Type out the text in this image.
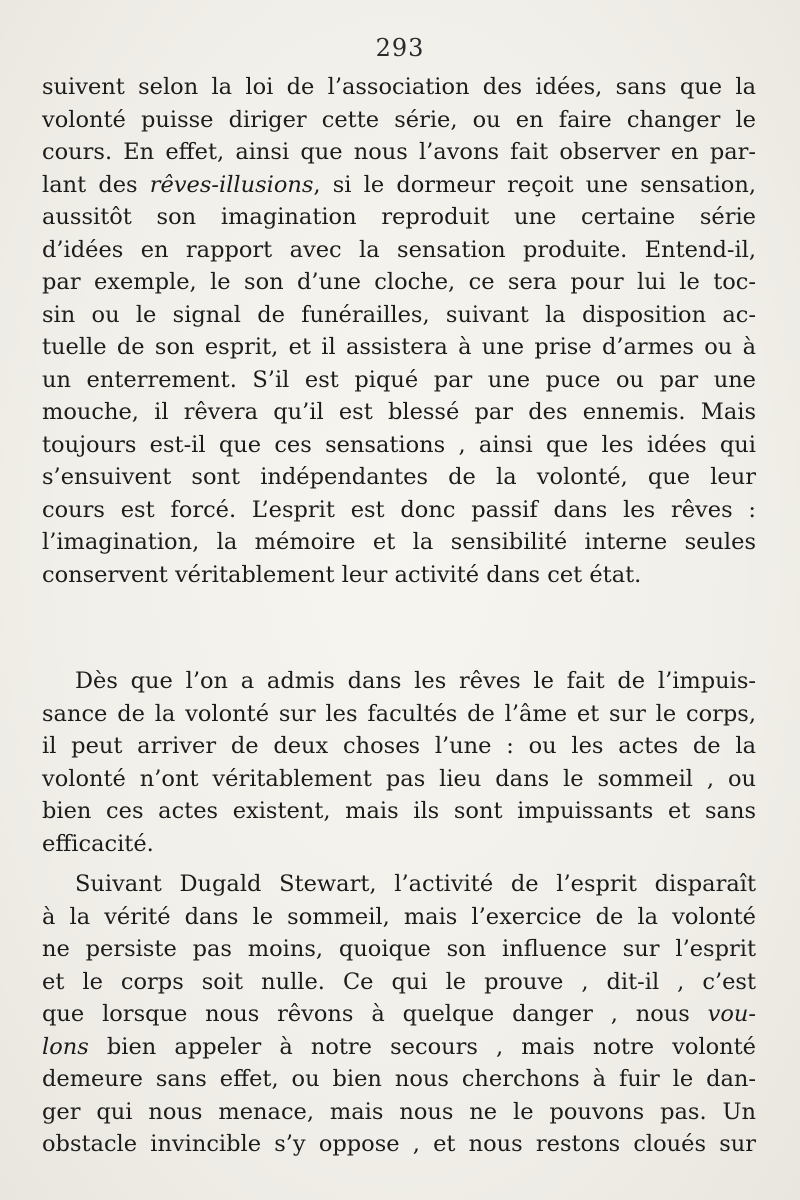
293

suivent selon la loi de l’association des idées, sans que la
volonté puisse diriger cette série, ou en faire changer le
cours. En effet, ainsi que nous l’avons fait observer en par-
lant des rêves-illusions, si le dormeur reçoit une sensation,
aussitôt son imagination reproduit une certaine série
d’idées en rapport avec la sensation produite. Entend-il,
par exemple, le son d’une cloche, ce sera pour lui le toc-
sin ou le signal de funérailles, suivant la disposition ac-
tuelle de son esprit, et il assistera à une prise d’armes ou à
un enterrement. S’il est piqué par une puce ou par une
mouche, il rêvera qu’il est blessé par des ennemis. Mais
toujours est-il que ces sensations , ainsi que les idées qui
s’ensuivent sont indépendantes de la volonté, que leur
cours est forcé. L’esprit est donc passif dans les rêves :
l’imagination, la mémoire et la sensibilité interne seules
conservent véritablement leur activité dans cet état.

Dès que l’on a admis dans les rêves le fait de l’impuis-
sance de la volonté sur les facultés de l’âme et sur le corps,
il peut arriver de deux choses l’une : ou les actes de la
volonté n’ont véritablement pas lieu dans le sommeil , ou
bien ces actes existent, mais ils sont impuissants et sans
efficacité.

Suivant Dugald Stewart, l’activité de l’esprit disparaît
à la vérité dans le sommeil, mais l’exercice de la volonté
ne persiste pas moins, quoique son influence sur l’esprit
et le corps soit nulle. Ce qui le prouve , dit-il , c’est
que lorsque nous rêvons à quelque danger , nous vou-
lons bien appeler à notre secours , mais notre volonté
demeure sans effet, ou bien nous cherchons à fuir le dan-
ger qui nous menace, mais nous ne le pouvons pas. Un
obstacle invincible s’y oppose , et nous restons cloués sur
